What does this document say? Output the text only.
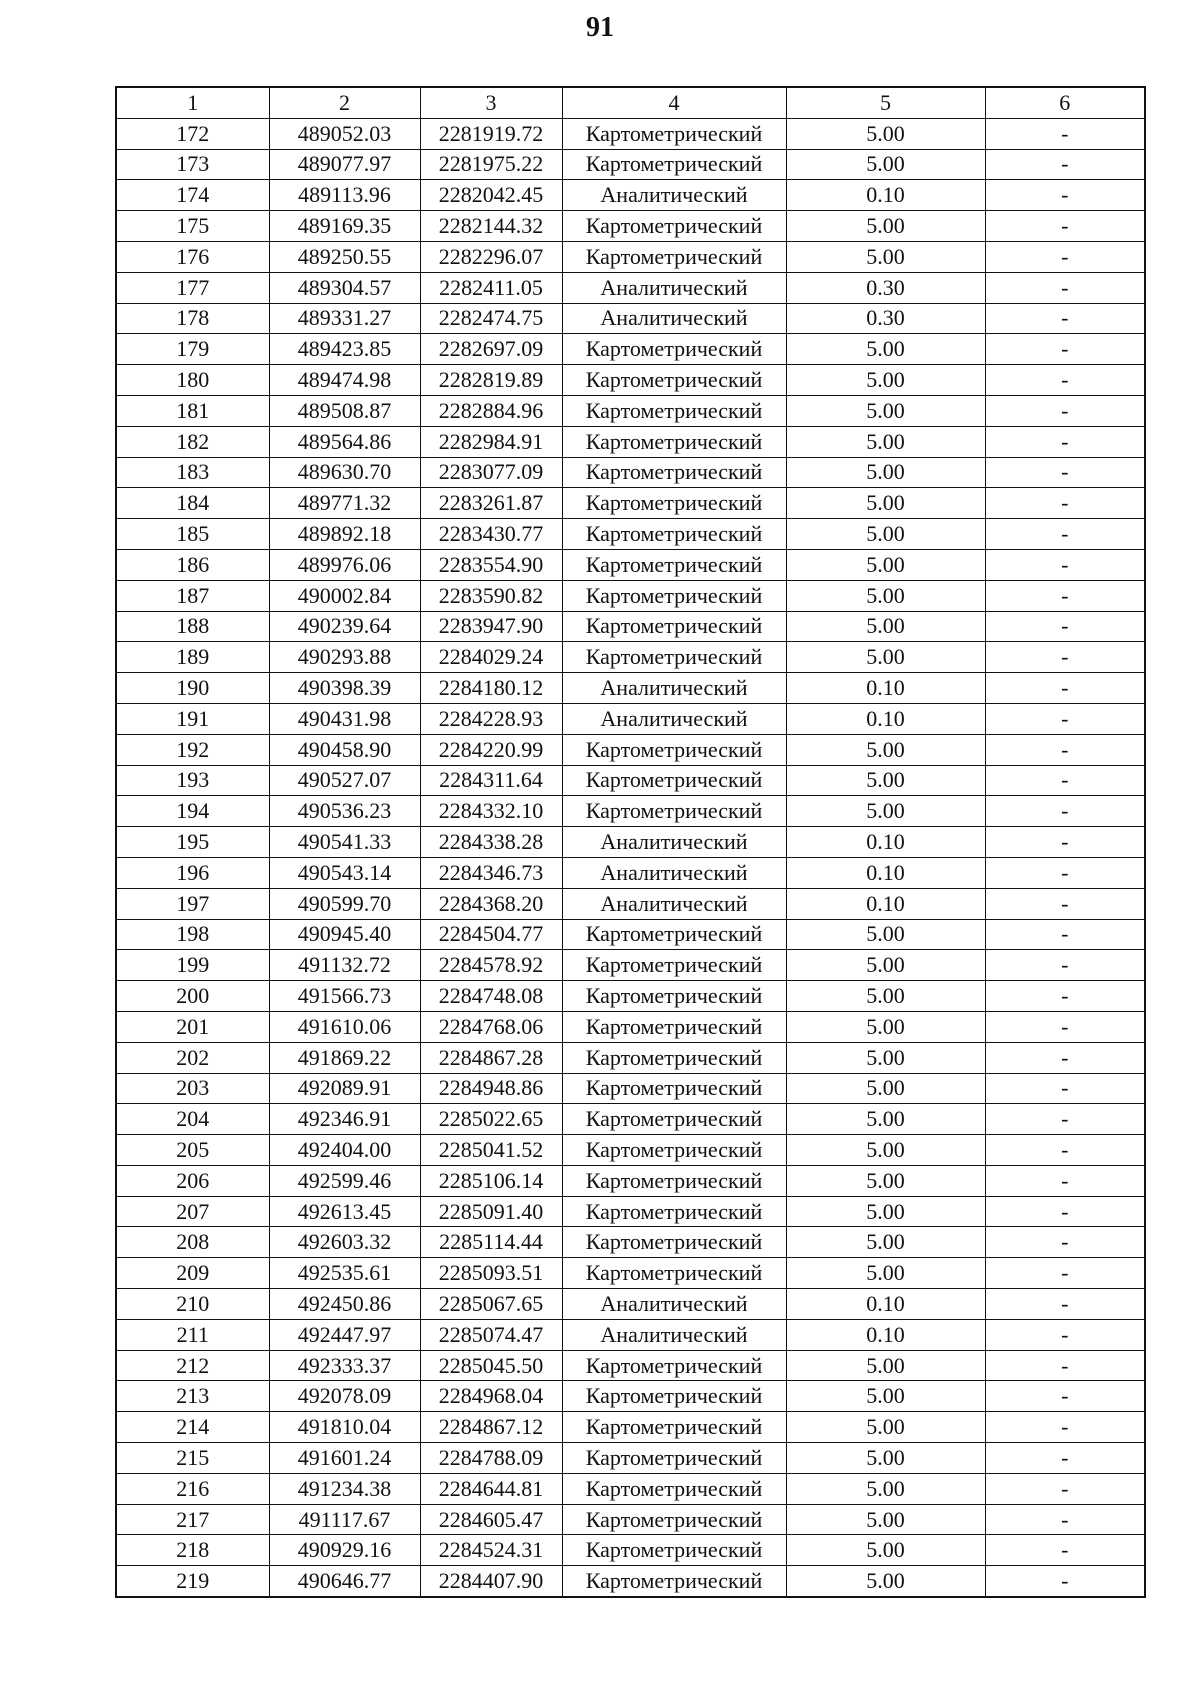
91
1	2	3	4	5	6
172	489052.03	2281919.72	Картометрический	5.00	-
173	489077.97	2281975.22	Картометрический	5.00	-
174	489113.96	2282042.45	Аналитический	0.10	-
175	489169.35	2282144.32	Картометрический	5.00	-
176	489250.55	2282296.07	Картометрический	5.00	-
177	489304.57	2282411.05	Аналитический	0.30	-
178	489331.27	2282474.75	Аналитический	0.30	-
179	489423.85	2282697.09	Картометрический	5.00	-
180	489474.98	2282819.89	Картометрический	5.00	-
181	489508.87	2282884.96	Картометрический	5.00	-
182	489564.86	2282984.91	Картометрический	5.00	-
183	489630.70	2283077.09	Картометрический	5.00	-
184	489771.32	2283261.87	Картометрический	5.00	-
185	489892.18	2283430.77	Картометрический	5.00	-
186	489976.06	2283554.90	Картометрический	5.00	-
187	490002.84	2283590.82	Картометрический	5.00	-
188	490239.64	2283947.90	Картометрический	5.00	-
189	490293.88	2284029.24	Картометрический	5.00	-
190	490398.39	2284180.12	Аналитический	0.10	-
191	490431.98	2284228.93	Аналитический	0.10	-
192	490458.90	2284220.99	Картометрический	5.00	-
193	490527.07	2284311.64	Картометрический	5.00	-
194	490536.23	2284332.10	Картометрический	5.00	-
195	490541.33	2284338.28	Аналитический	0.10	-
196	490543.14	2284346.73	Аналитический	0.10	-
197	490599.70	2284368.20	Аналитический	0.10	-
198	490945.40	2284504.77	Картометрический	5.00	-
199	491132.72	2284578.92	Картометрический	5.00	-
200	491566.73	2284748.08	Картометрический	5.00	-
201	491610.06	2284768.06	Картометрический	5.00	-
202	491869.22	2284867.28	Картометрический	5.00	-
203	492089.91	2284948.86	Картометрический	5.00	-
204	492346.91	2285022.65	Картометрический	5.00	-
205	492404.00	2285041.52	Картометрический	5.00	-
206	492599.46	2285106.14	Картометрический	5.00	-
207	492613.45	2285091.40	Картометрический	5.00	-
208	492603.32	2285114.44	Картометрический	5.00	-
209	492535.61	2285093.51	Картометрический	5.00	-
210	492450.86	2285067.65	Аналитический	0.10	-
211	492447.97	2285074.47	Аналитический	0.10	-
212	492333.37	2285045.50	Картометрический	5.00	-
213	492078.09	2284968.04	Картометрический	5.00	-
214	491810.04	2284867.12	Картометрический	5.00	-
215	491601.24	2284788.09	Картометрический	5.00	-
216	491234.38	2284644.81	Картометрический	5.00	-
217	491117.67	2284605.47	Картометрический	5.00	-
218	490929.16	2284524.31	Картометрический	5.00	-
219	490646.77	2284407.90	Картометрический	5.00	-
